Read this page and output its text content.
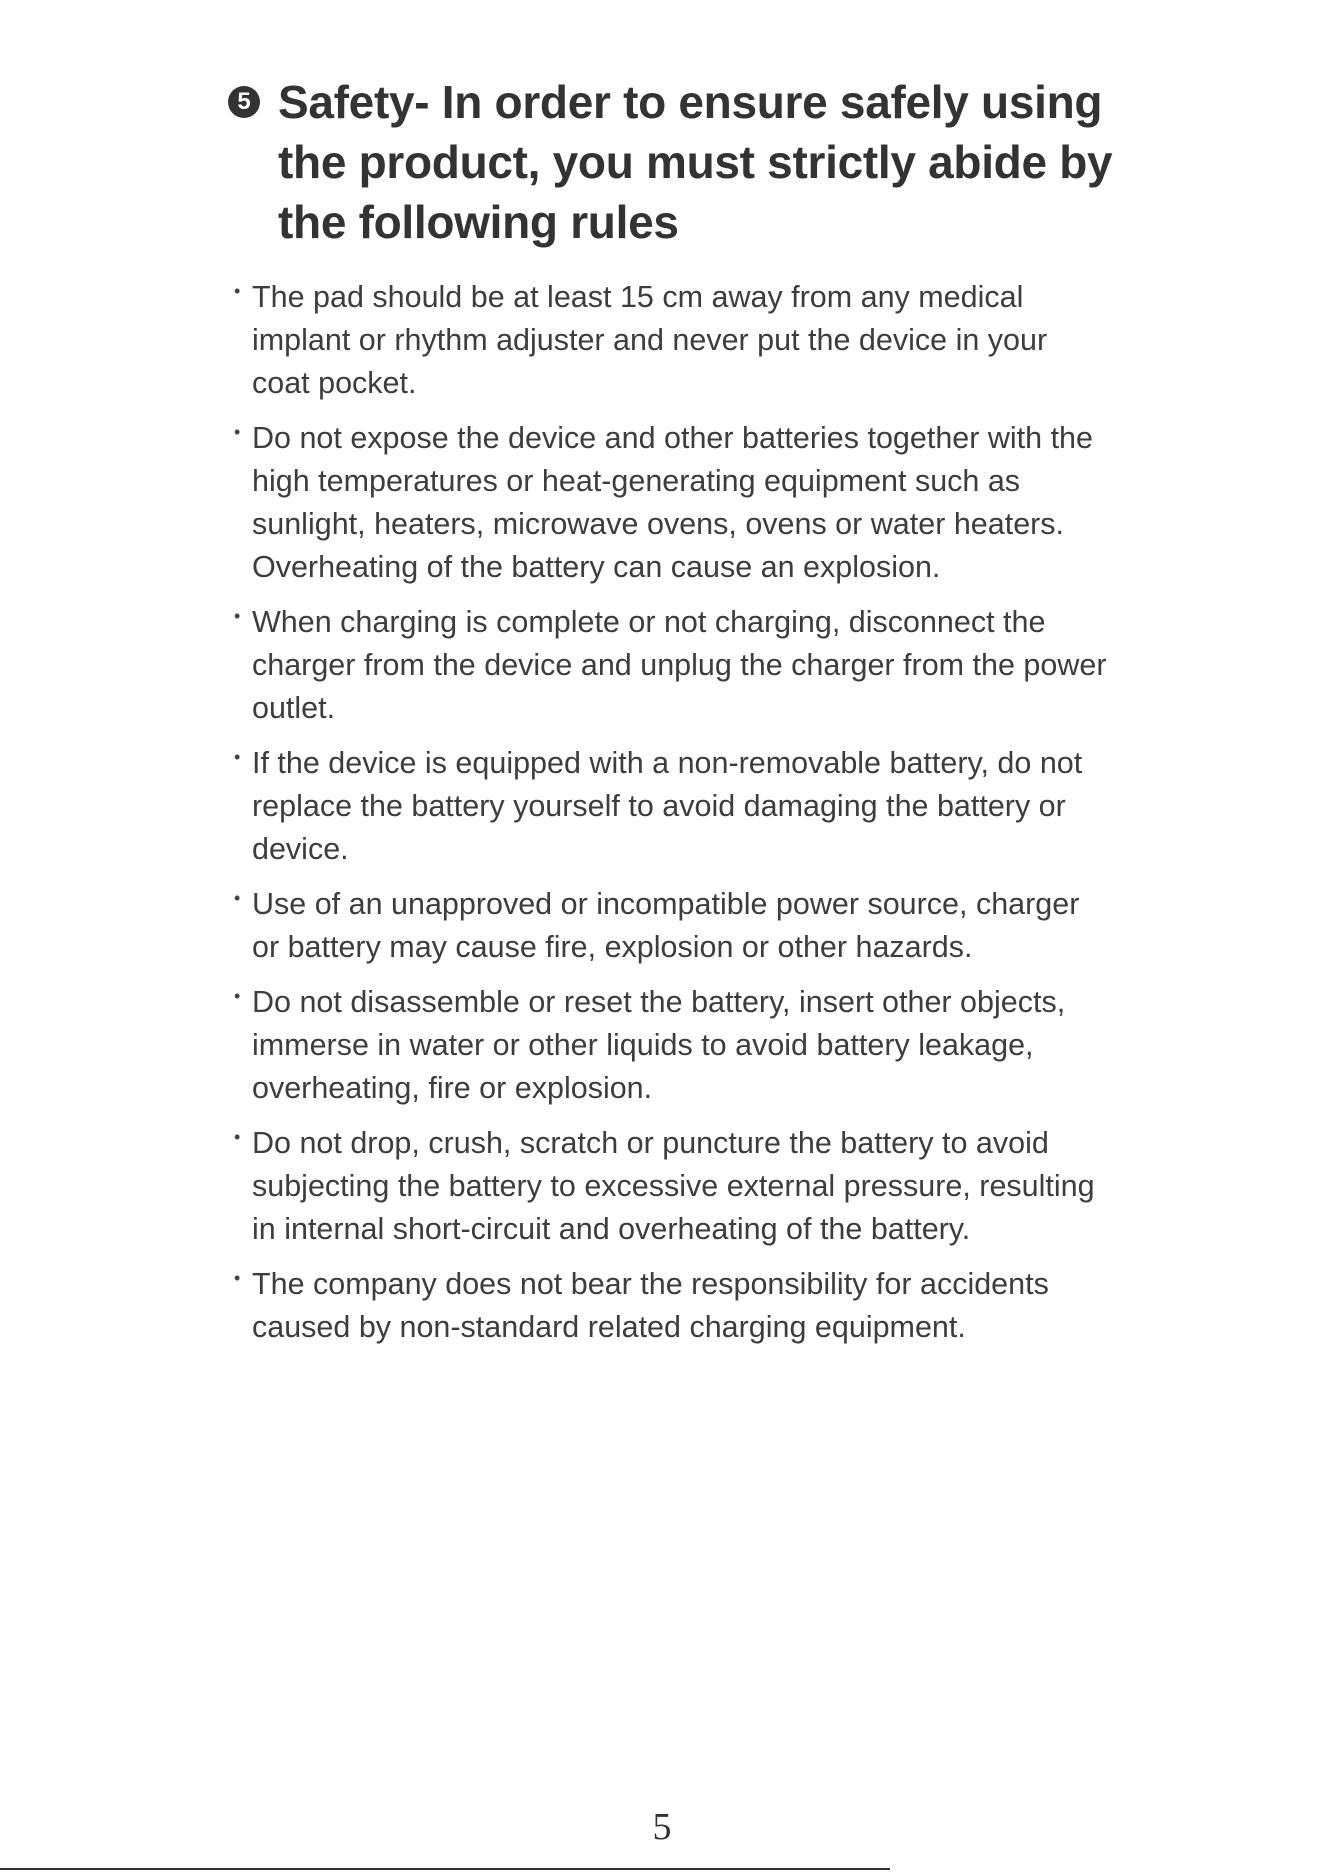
5 Safety- In order to ensure safely using the product, you must strictly abide by the following rules
• The pad should be at least 15 cm away from any medical implant or rhythm adjuster and never put the device in your coat pocket.
• Do not expose the device and other batteries together with the high temperatures or heat-generating equipment such as sunlight, heaters, microwave ovens, ovens or water heaters. Overheating of the battery can cause an explosion.
• When charging is complete or not charging, disconnect the charger from the device and unplug the charger from the power outlet.
• If the device is equipped with a non-removable battery, do not replace the battery yourself to avoid damaging the battery or device.
• Use of an unapproved or incompatible power source, charger or battery may cause fire, explosion or other hazards.
• Do not disassemble or reset the battery, insert other objects, immerse in water or other liquids to avoid battery leakage, overheating, fire or explosion.
• Do not drop, crush, scratch or puncture the battery to avoid subjecting the battery to excessive external pressure, resulting in internal short-circuit and overheating of the battery.
• The company does not bear the responsibility for accidents caused by non-standard related charging equipment.
5
